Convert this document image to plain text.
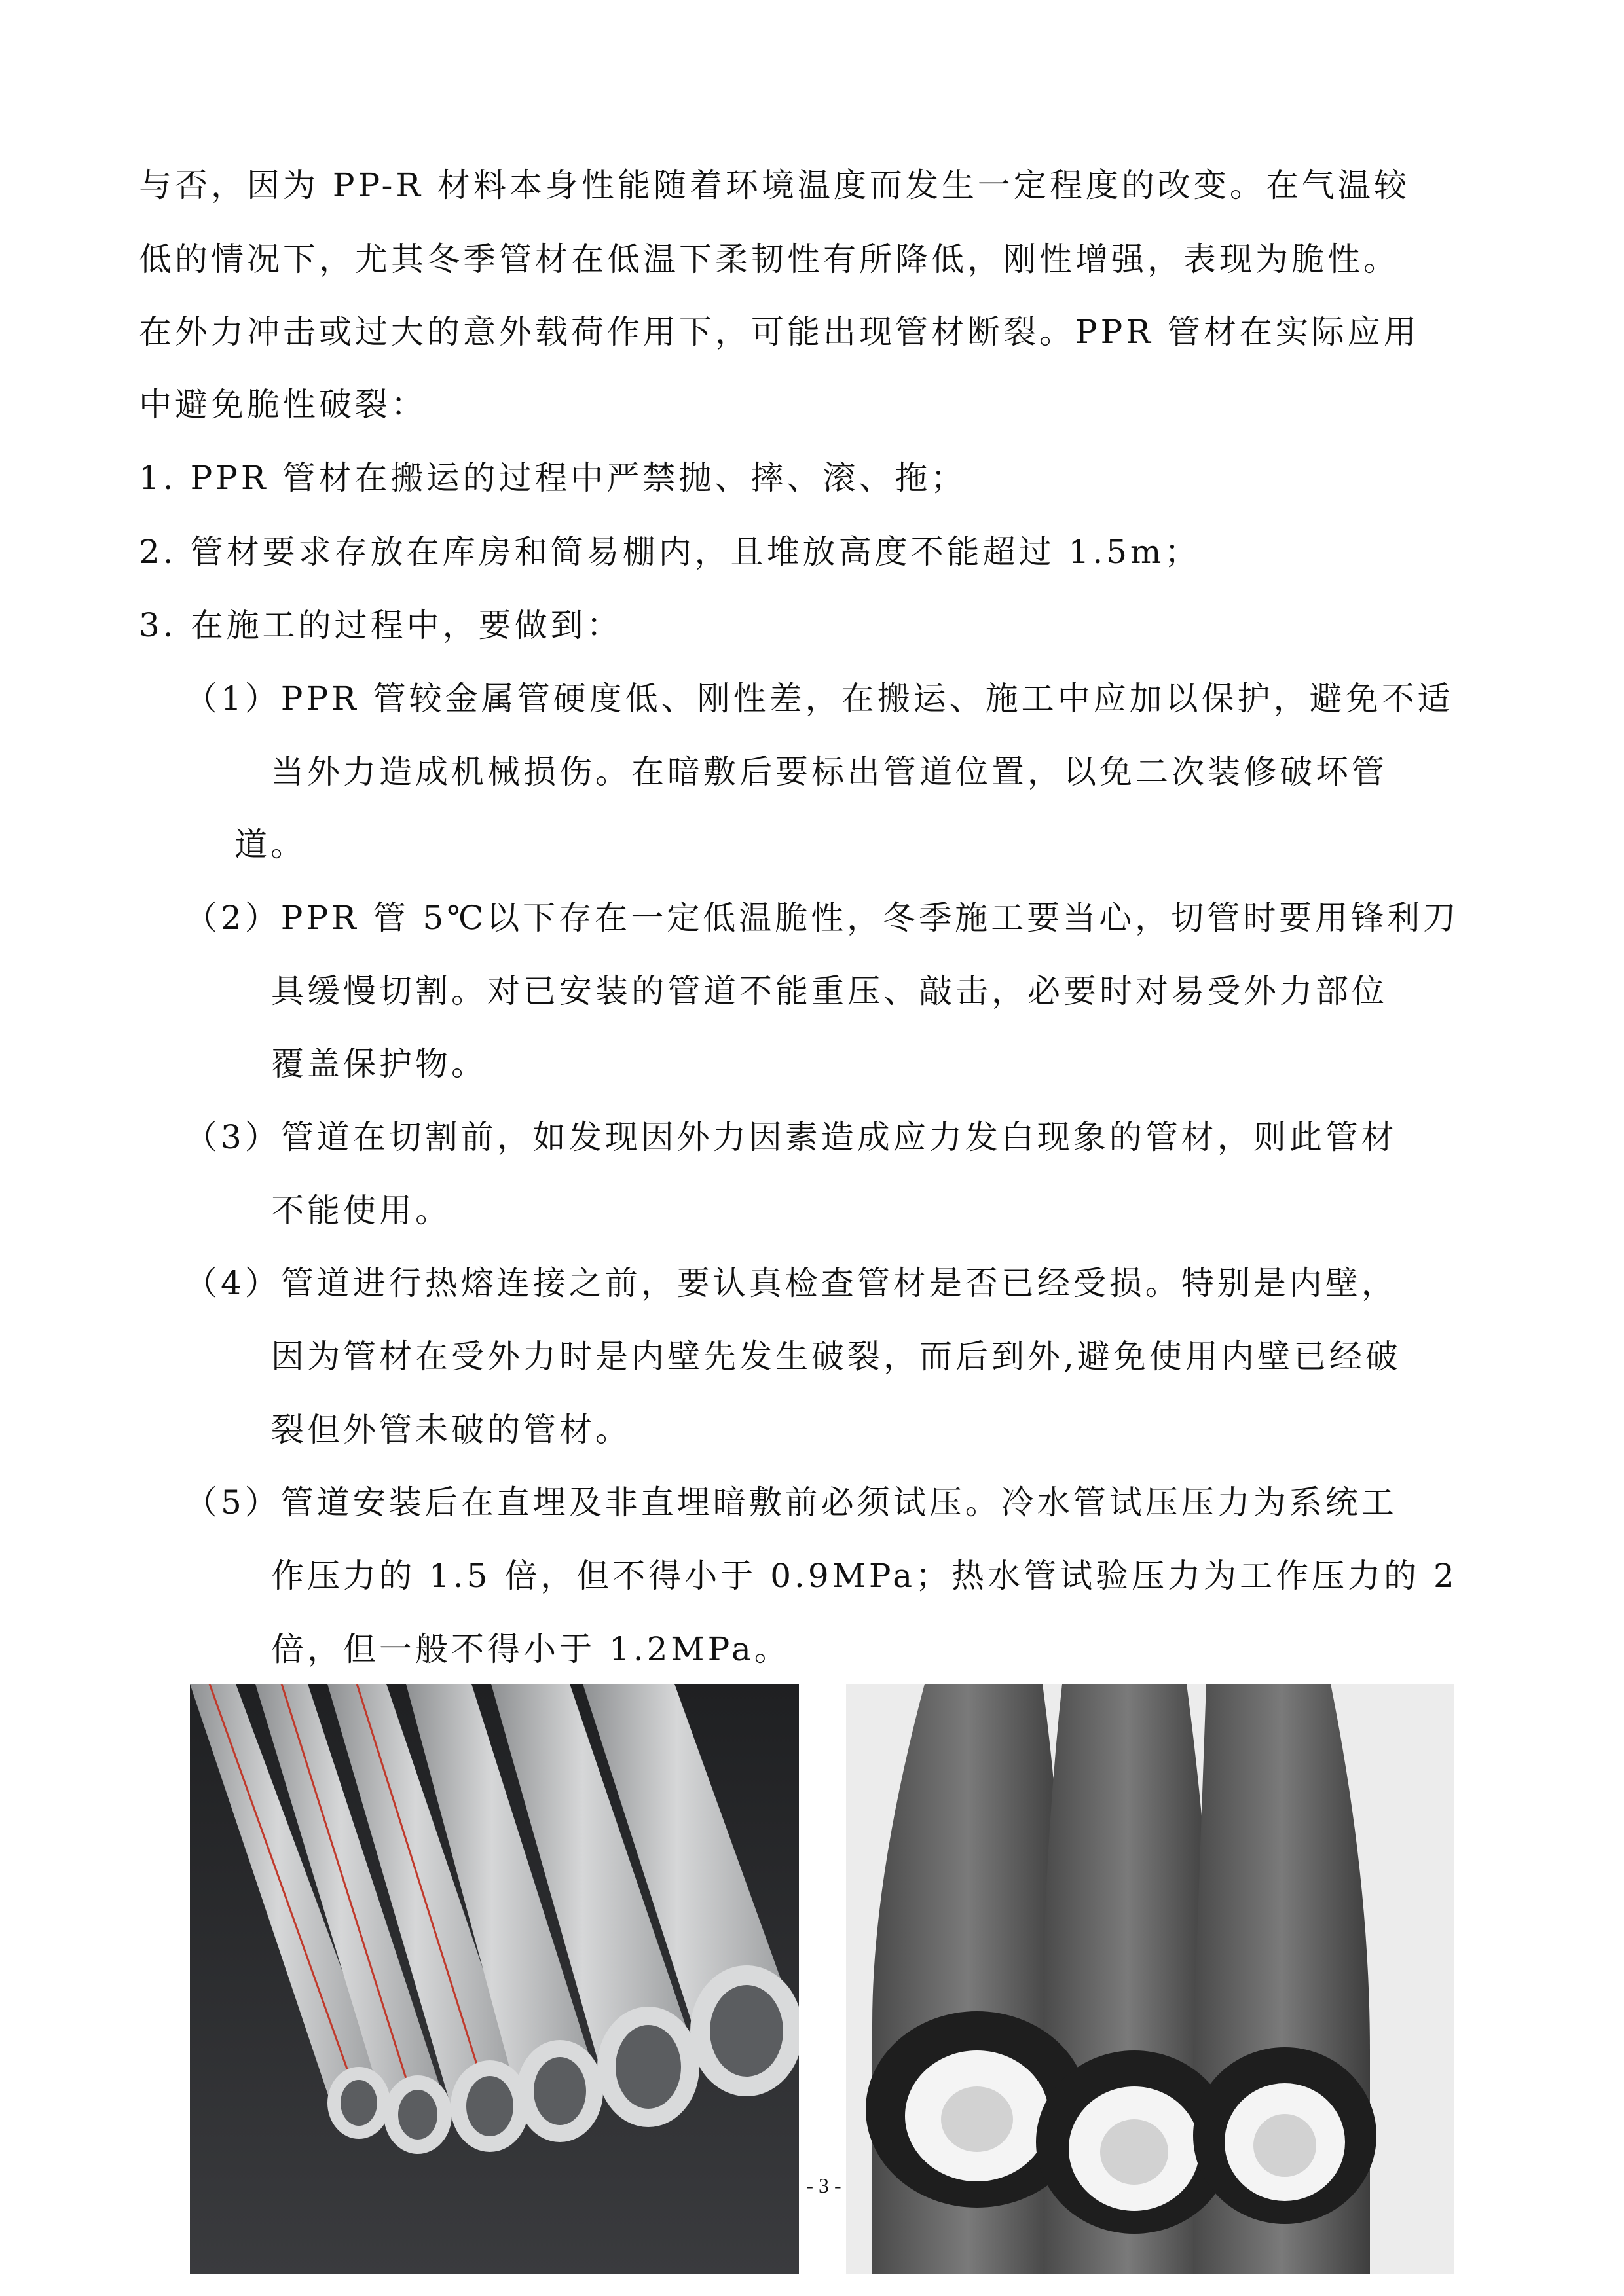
与否，因为 PP-R 材料本身性能随着环境温度而发生一定程度的改变。在气温较
低的情况下，尤其冬季管材在低温下柔韧性有所降低，刚性增强，表现为脆性。
在外力冲击或过大的意外载荷作用下，可能出现管材断裂。PPR 管材在实际应用
中避免脆性破裂：
1. PPR 管材在搬运的过程中严禁抛、摔、滚、拖；
2. 管材要求存放在库房和简易棚内，且堆放高度不能超过 1.5m；
3. 在施工的过程中，要做到：
（1）PPR 管较金属管硬度低、刚性差，在搬运、施工中应加以保护，避免不适
当外力造成机械损伤。在暗敷后要标出管道位置，以免二次装修破坏管
道。
（2）PPR 管 5℃以下存在一定低温脆性，冬季施工要当心，切管时要用锋利刀
具缓慢切割。对已安装的管道不能重压、敲击，必要时对易受外力部位
覆盖保护物。
（3）管道在切割前，如发现因外力因素造成应力发白现象的管材，则此管材
不能使用。
（4）管道进行热熔连接之前，要认真检查管材是否已经受损。特别是内壁，
因为管材在受外力时是内壁先发生破裂，而后到外,避免使用内壁已经破
裂但外管未破的管材。
（5）管道安装后在直埋及非直埋暗敷前必须试压。冷水管试压压力为系统工
作压力的 1.5 倍，但不得小于 0.9MPa；热水管试验压力为工作压力的 2
倍，但一般不得小于 1.2MPa。
- 3 -
